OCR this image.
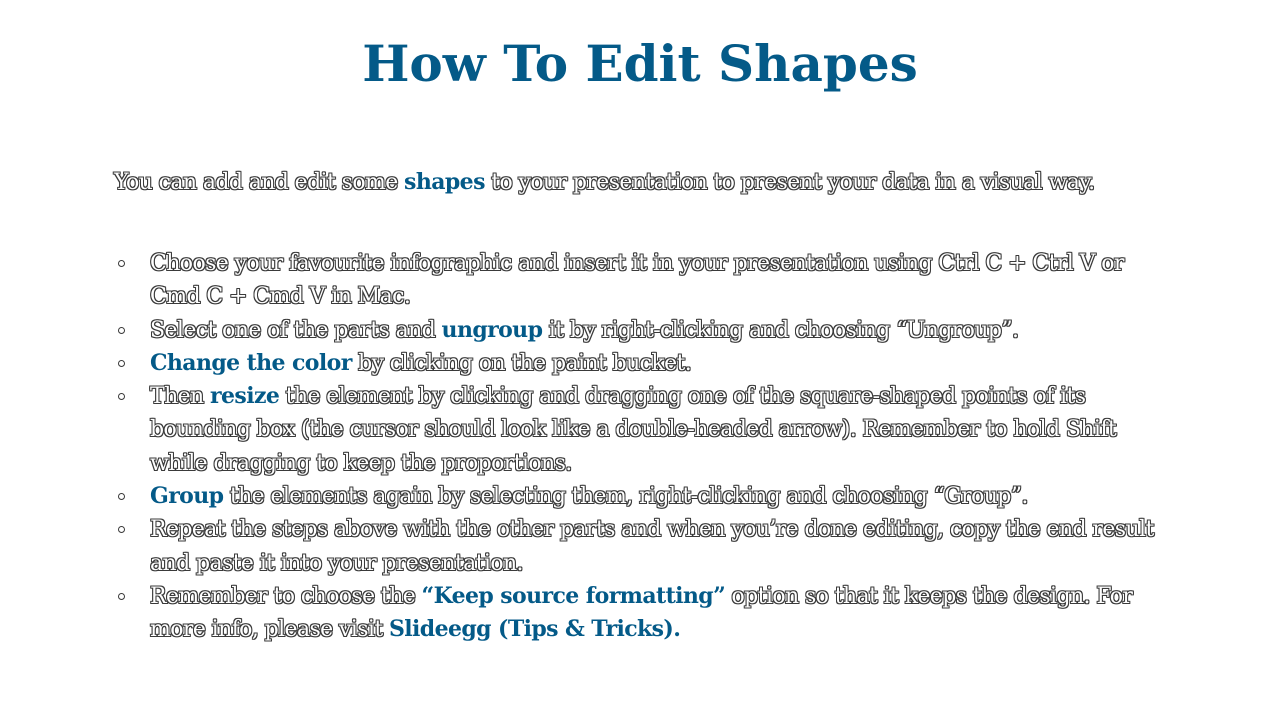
How To Edit Shapes

You can add and edit some shapes to your presentation to present your data in a visual way.

Choose your favourite infographic and insert it in your presentation using Ctrl C + Ctrl V or Cmd C + Cmd V in Mac.
Select one of the parts and ungroup it by right-clicking and choosing “Ungroup”.
Change the color by clicking on the paint bucket.
Then resize the element by clicking and dragging one of the square-shaped points of its bounding box (the cursor should look like a double-headed arrow). Remember to hold Shift while dragging to keep the proportions.
Group the elements again by selecting them, right-clicking and choosing “Group”.
Repeat the steps above with the other parts and when you’re done editing, copy the end result and paste it into your presentation.
Remember to choose the “Keep source formatting” option so that it keeps the design. For more info, please visit Slideegg (Tips & Tricks).
